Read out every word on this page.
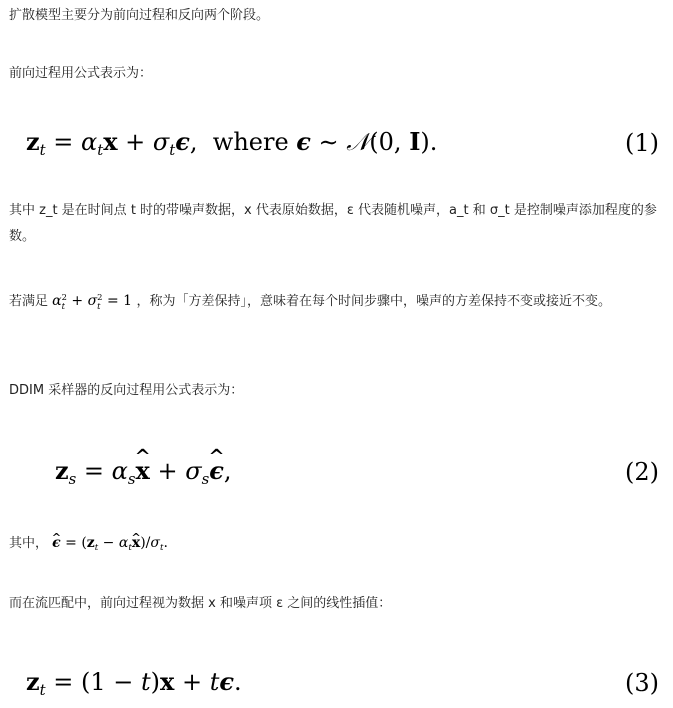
扩散模型主要分为前向过程和反向两个阶段。
前向过程用公式表示为：
$z_t = \alpha_tx + \sigma_t\epsilon$,  where ϵ ∼ 𝒩(0, I).	(1)
其中 z_t 是在时间点 t 时的带噪声数据，x 代表原始数据，ε 代表随机噪声，a_t 和 σ_t 是控制噪声添加程度的参数。
若满足 $\alpha^2$
$t + \sigma^2$
t = 1 ，称为「方差保持」，意味着在每个时间步骤中，噪声的方差保持不变或接近不变。
DDIM 采样器的反向过程用公式表示为：
$z_s$ = $\alpha_s\^{}$ $x + \sigma_s\^{}$ ϵ,	(2)
其中， ^ $\epsilon = (z_t$ − $\alpha_t\^{}$ $x)/\sigma_t$.
而在流匹配中，前向过程视为数据 x 和噪声项 ε 之间的线性插值：
$z_t = (1 - t)x + t\epsilon$.	(3)
